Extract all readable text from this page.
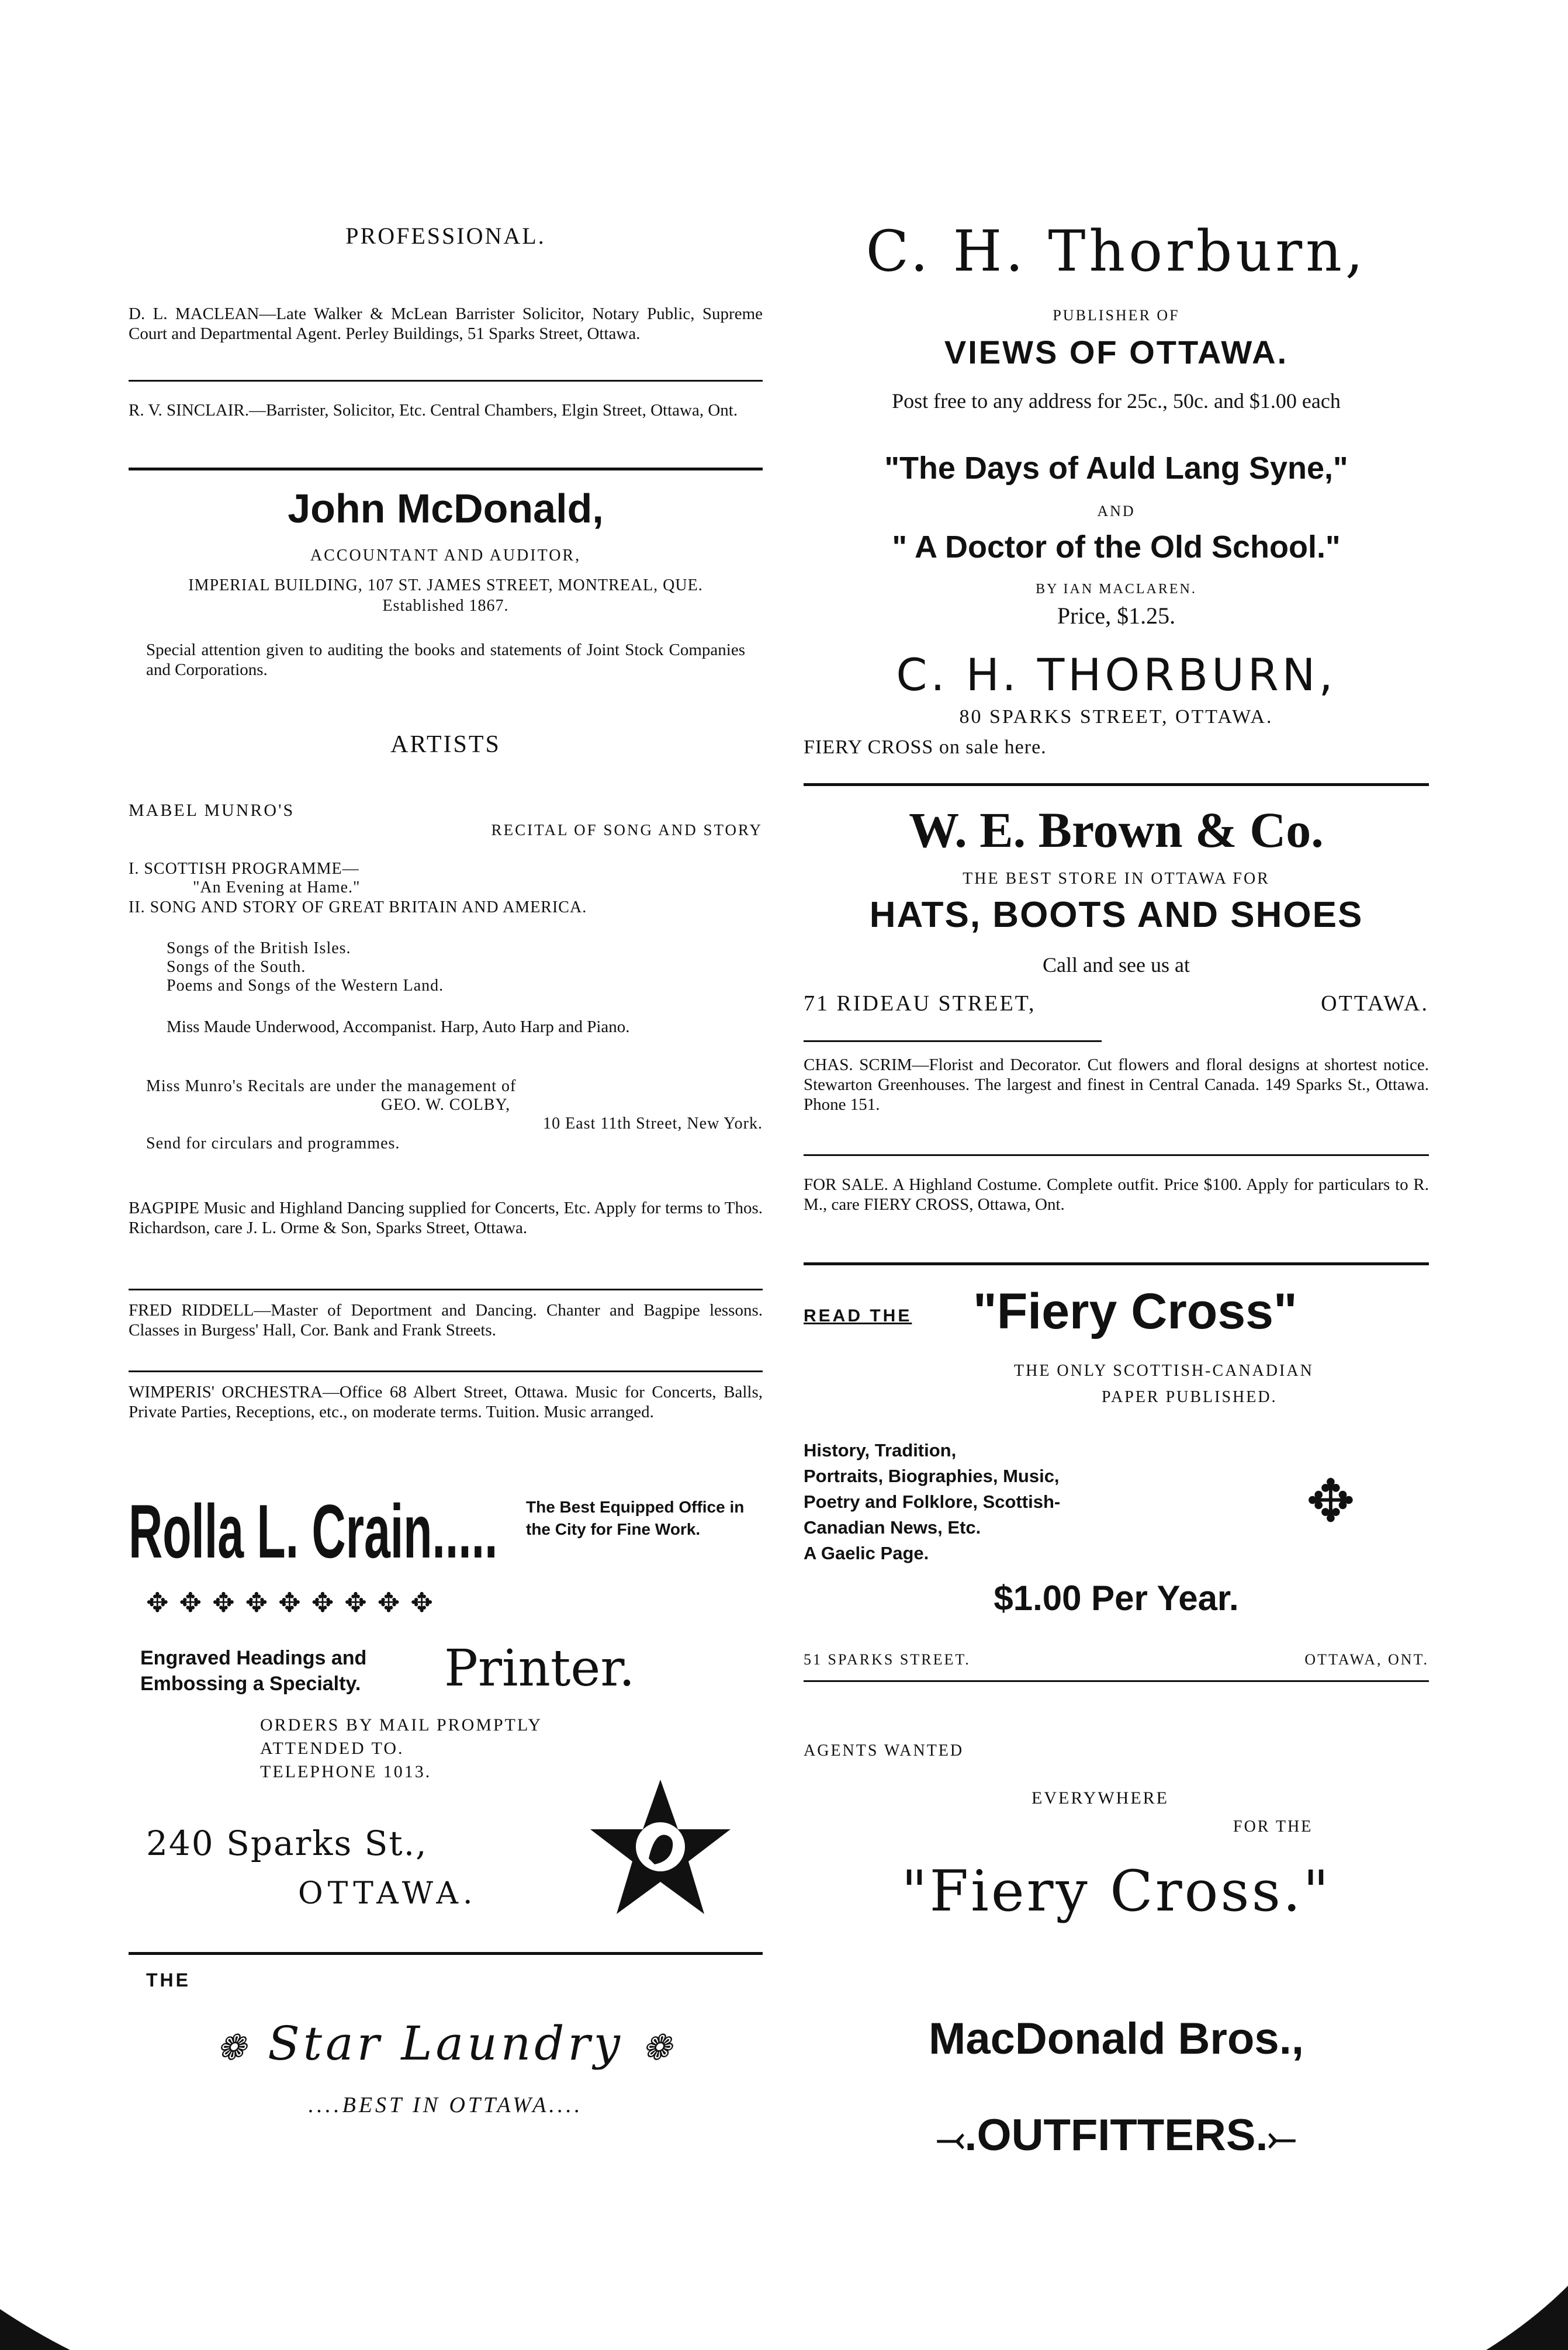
PROFESSIONAL.
D. L. MACLEAN—Late Walker & McLean Barrister Solicitor, Notary Public, Supreme Court and Departmental Agent. Perley Buildings, 51 Sparks Street, Ottawa.
R. V. SINCLAIR.—Barrister, Solicitor, Etc. Central Chambers, Elgin Street, Ottawa, Ont.
John McDonald,
ACCOUNTANT AND AUDITOR,
IMPERIAL BUILDING, 107 ST. JAMES STREET, MONTREAL, QUE.
Established 1867.
Special attention given to auditing the books and statements of Joint Stock Companies and Corporations.
ARTISTS
MABEL MUNRO'S
RECITAL OF SONG AND STORY
I. SCOTTISH PROGRAMME—
"An Evening at Hame."
II. SONG AND STORY OF GREAT BRITAIN AND AMERICA.
Songs of the British Isles.
Songs of the South.
Poems and Songs of the Western Land.
Miss Maude Underwood, Accompanist. Harp, Auto Harp and Piano.
Miss Munro's Recitals are under the management of
GEO. W. COLBY,
10 East 11th Street, New York.
Send for circulars and programmes.
BAGPIPE Music and Highland Dancing supplied for Concerts, Etc. Apply for terms to Thos. Richardson, care J. L. Orme & Son, Sparks Street, Ottawa.
FRED RIDDELL—Master of Deportment and Dancing. Chanter and Bagpipe lessons. Classes in Burgess' Hall, Cor. Bank and Frank Streets.
WIMPERIS' ORCHESTRA—Office 68 Albert Street, Ottawa. Music for Concerts, Balls, Private Parties, Receptions, etc., on moderate terms. Tuition. Music arranged.
Rolla L. Crain..... The Best Equipped Office in the City for Fine Work.
✥✥✥✥✥✥✥✥✥
Engraved Headings and Embossing a Specialty.	Printer.
ORDERS BY MAIL PROMPTLY
ATTENDED TO.
TELEPHONE 1013.
240 Sparks St.,
OTTAWA.
THE
❁ Star Laundry ❁
....BEST IN OTTAWA....
C. H. Thorburn,
PUBLISHER OF
VIEWS OF OTTAWA.
Post free to any address for 25c., 50c. and $1.00 each
"The Days of Auld Lang Syne,"
AND
" A Doctor of the Old School."
BY IAN MACLAREN.
Price, $1.25.
C. H. THORBURN,
80 SPARKS STREET, OTTAWA.
FIERY CROSS on sale here.
W. E. Brown & Co.
THE BEST STORE IN OTTAWA FOR
HATS, BOOTS AND SHOES
Call and see us at
71 RIDEAU STREET,	OTTAWA.
CHAS. SCRIM—Florist and Decorator. Cut flowers and floral designs at shortest notice. Stewarton Greenhouses. The largest and finest in Central Canada. 149 Sparks St., Ottawa. Phone 151.
FOR SALE. A Highland Costume. Complete outfit. Price $100. Apply for particulars to R. M., care FIERY CROSS, Ottawa, Ont.
READ THE "Fiery Cross"
THE ONLY SCOTTISH-CANADIAN
PAPER PUBLISHED.
History, Tradition,
Portraits, Biographies, Music,
Poetry and Folklore, Scottish-
Canadian News, Etc.
A Gaelic Page.
✥
$1.00 Per Year.
51 SPARKS STREET.	OTTAWA, ONT.
AGENTS WANTED
EVERYWHERE
FOR THE
"Fiery Cross."
MacDonald Bros.,
⤙.OUTFITTERS.⤚
